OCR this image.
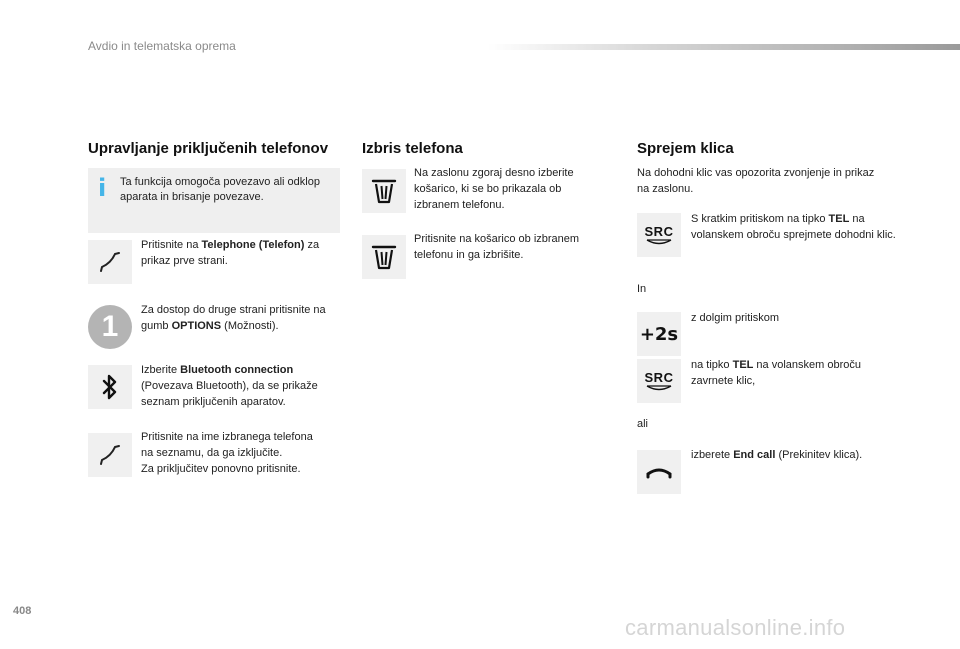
Avdio in telematska oprema
Upravljanje priključenih telefonov
i Ta funkcija omogoča povezavo ali odklop aparata in brisanje povezave.
Pritisnite na Telephone (Telefon) za prikaz prve strani.
1	Za dostop do druge strani pritisnite na gumb OPTIONS (Možnosti).
Izberite Bluetooth connection (Povezava Bluetooth), da se prikaže seznam priključenih aparatov.
Pritisnite na ime izbranega telefona
na seznamu, da ga izključite.
Za priključitev ponovno pritisnite.
Izbris telefona
Na zaslonu zgoraj desno izberite košarico, ki se bo prikazala ob izbranem telefonu.
Pritisnite na košarico ob izbranem telefonu in ga izbrišite.
Sprejem klica
Na dohodni klic vas opozorita zvonjenje in prikaz na zaslonu.
SRC
S kratkim pritiskom na tipko TEL na volanskem obroču sprejmete dohodni klic.
In
+2s
z dolgim pritiskom
SRC
na tipko TEL na volanskem obroču zavrnete klic,
ali
izberete End call (Prekinitev klica).
408
carmanualsonline.info
